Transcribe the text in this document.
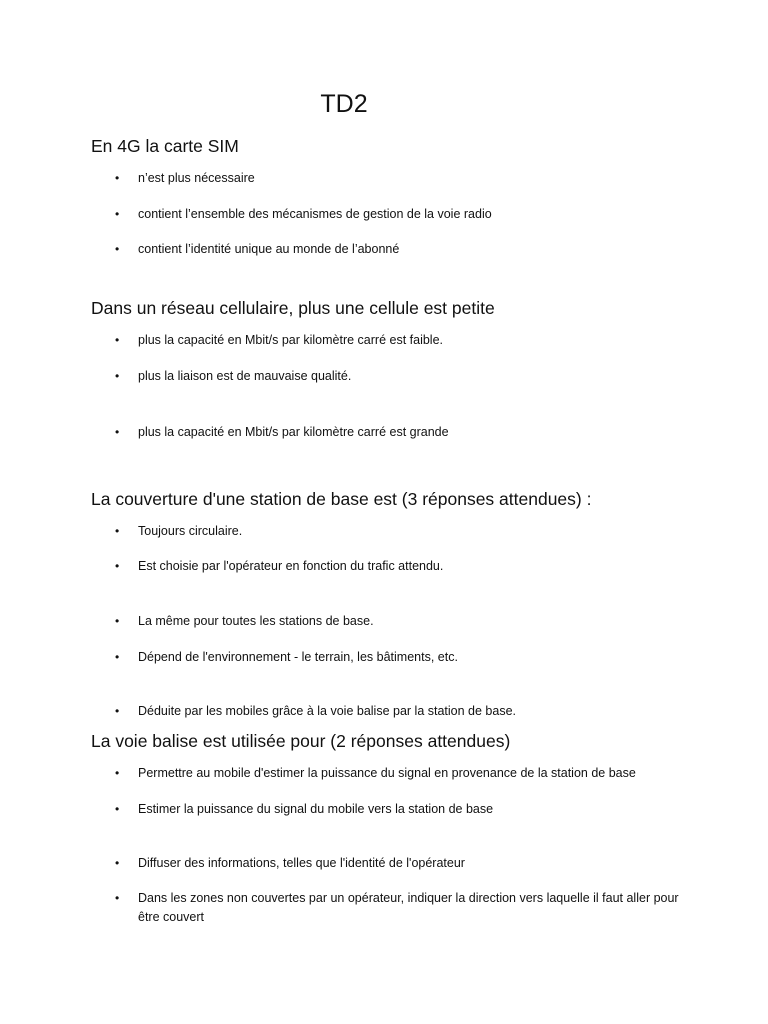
TD2
En 4G la carte SIM
•	n’est plus nécessaire
•	contient l’ensemble des mécanismes de gestion de la voie radio
•	contient l’identité unique au monde de l’abonné
Dans un réseau cellulaire, plus une cellule est petite
•	plus la capacité en Mbit/s par kilomètre carré est faible.
•	plus la liaison est de mauvaise qualité.
•	plus la capacité en Mbit/s par kilomètre carré est grande
La couverture d'une station de base est (3 réponses attendues) :
•	Toujours circulaire.
•	Est choisie par l'opérateur en fonction du trafic attendu.
•	La même pour toutes les stations de base.
•	Dépend de l'environnement - le terrain, les bâtiments, etc.
•	Déduite par les mobiles grâce à la voie balise par la station de base.
La voie balise est utilisée pour (2 réponses attendues)
•	Permettre au mobile d'estimer la puissance du signal en provenance de la station de base
•	Estimer la puissance du signal du mobile vers la station de base
•	Diffuser des informations, telles que l'identité de l'opérateur
•	Dans les zones non couvertes par un opérateur, indiquer la direction vers laquelle il faut aller pour être couvert
